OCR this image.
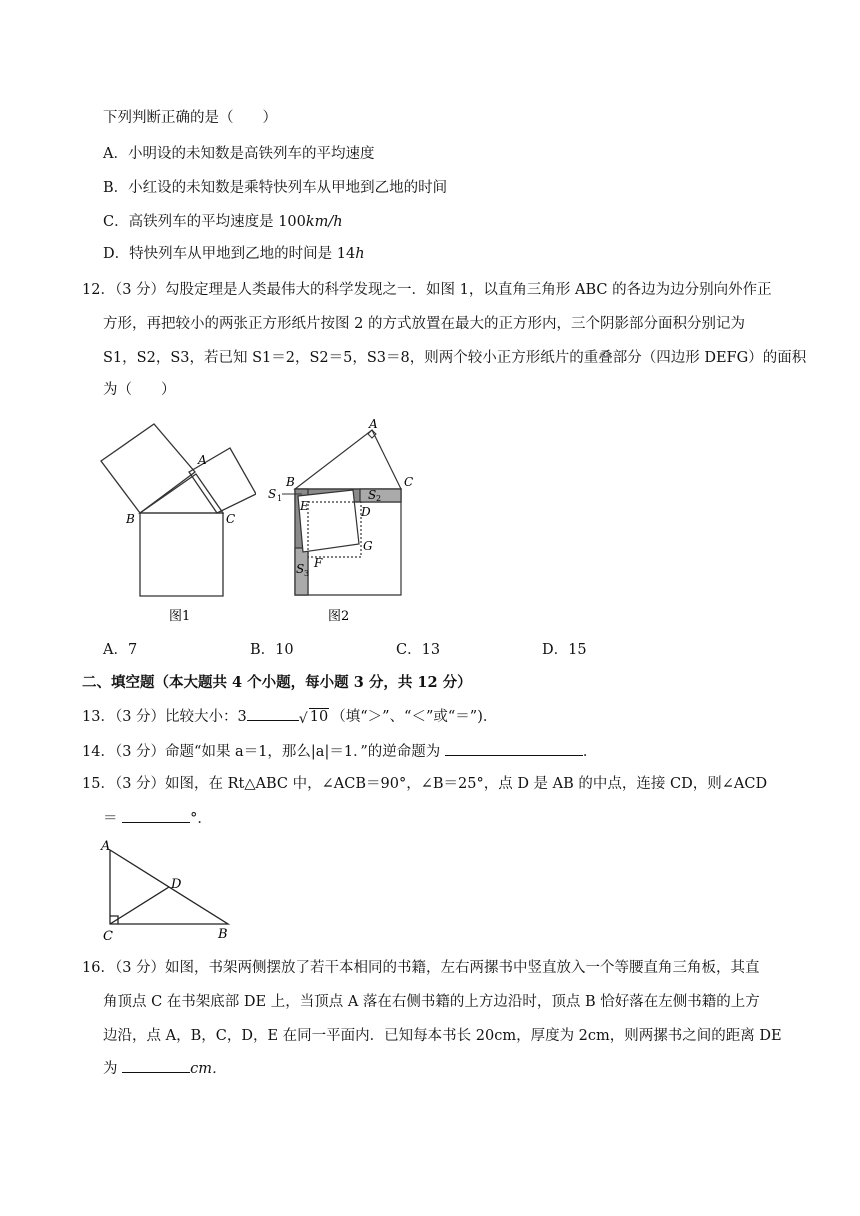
下列判断正确的是（　　）
A．小明设的未知数是高铁列车的平均速度
B．小红设的未知数是乘特快列车从甲地到乙地的时间
C．高铁列车的平均速度是 100km/h
D．特快列车从甲地到乙地的时间是 14h
12．（3 分）勾股定理是人类最伟大的科学发现之一．如图 1，以直角三角形 ABC 的各边为边分别向外作正
方形，再把较小的两张正方形纸片按图 2 的方式放置在最大的正方形内，三个阴影部分面积分别记为
S1，S2，S3，若已知 S1＝2，S2＝5，S3＝8，则两个较小正方形纸片的重叠部分（四边形 DEFG）的面积
为（　　）
A
B	C
图1
A
B	C
D
E
F
G
S 1	S 2
S 3
图2
A．7	B．10	C．13	D．15
二、填空题（本大题共 4 个小题，每小题 3 分，共 12 分）
13．（3 分）比较大小：3	√ 10 （填“＞”、“＜”或“＝”)．
14．（3 分）命题“如果 a＝1，那么|a|＝1．”的逆命题为	．
15．（3 分）如图，在 Rt△ABC 中，∠ACB＝90°，∠B＝25°，点 D 是 AB 的中点，连接 CD，则∠ACD
＝	°．
A
C	B
D
16．（3 分）如图，书架两侧摆放了若干本相同的书籍，左右两摞书中竖直放入一个等腰直角三角板，其直
角顶点 C 在书架底部 DE 上，当顶点 A 落在右侧书籍的上方边沿时，顶点 B 恰好落在左侧书籍的上方
边沿，点 A，B，C，D，E 在同一平面内．已知每本书长 20cm，厚度为 2cm，则两摞书之间的距离 DE
为	cm．
